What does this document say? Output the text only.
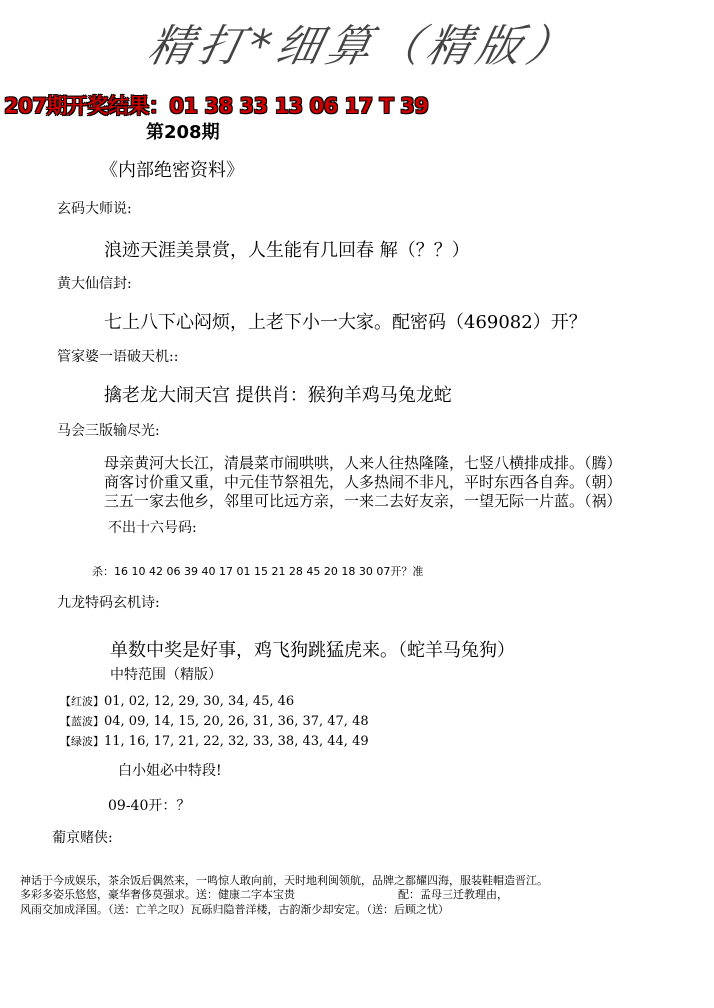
精打*细算（精版）
207期开奖结果：01 38 33 13 06 17 T 39
第208期
《内部绝密资料》
玄码大师说:
浪迹天涯美景赏，人生能有几回春 解（？？）
黄大仙信封:
七上八下心闷烦，上老下小一大家。配密码（469082）开？
管家婆一语破天机::
擒老龙大闹天宫 提供肖：猴狗羊鸡马兔龙蛇
马会三版输尽光:
母亲黄河大长江，清晨菜市闹哄哄，人来人往热隆隆，七竖八横排成排。（腾）
商客讨价重又重，中元佳节祭祖先，人多热闹不非凡，平时东西各自奔。（朝）
三五一家去他乡，邻里可比远方亲，一来二去好友亲，一望无际一片蓝。（祸）
不出十六号码:
杀：16 10 42 06 39 40 17 01 15 21 28 45 20 18 30 07开？准
九龙特码玄机诗:
单数中奖是好事，鸡飞狗跳猛虎来。（蛇羊马兔狗）
中特范围（精版）
【红波】01, 02, 12, 29, 30, 34, 45, 46
【蓝波】04, 09, 14, 15, 20, 26, 31, 36, 37, 47, 48
【绿波】11, 16, 17, 21, 22, 32, 33, 38, 43, 44, 49
白小姐必中特段!
09-40开：？
葡京赌侠:
神话于今成娱乐，茶余饭后偶然来，一鸣惊人敢向前，天时地利闽领航，品牌之都耀四海，服装鞋帽造晋江。
多彩多姿乐悠悠，豪华奢侈莫强求。送：健康二字本宝贵	配：孟母三迁教理由，
风雨交加成泽国。（送：亡羊之叹）瓦砾归隐普洋楼，古韵渐少却安定。（送：后顾之忧）
